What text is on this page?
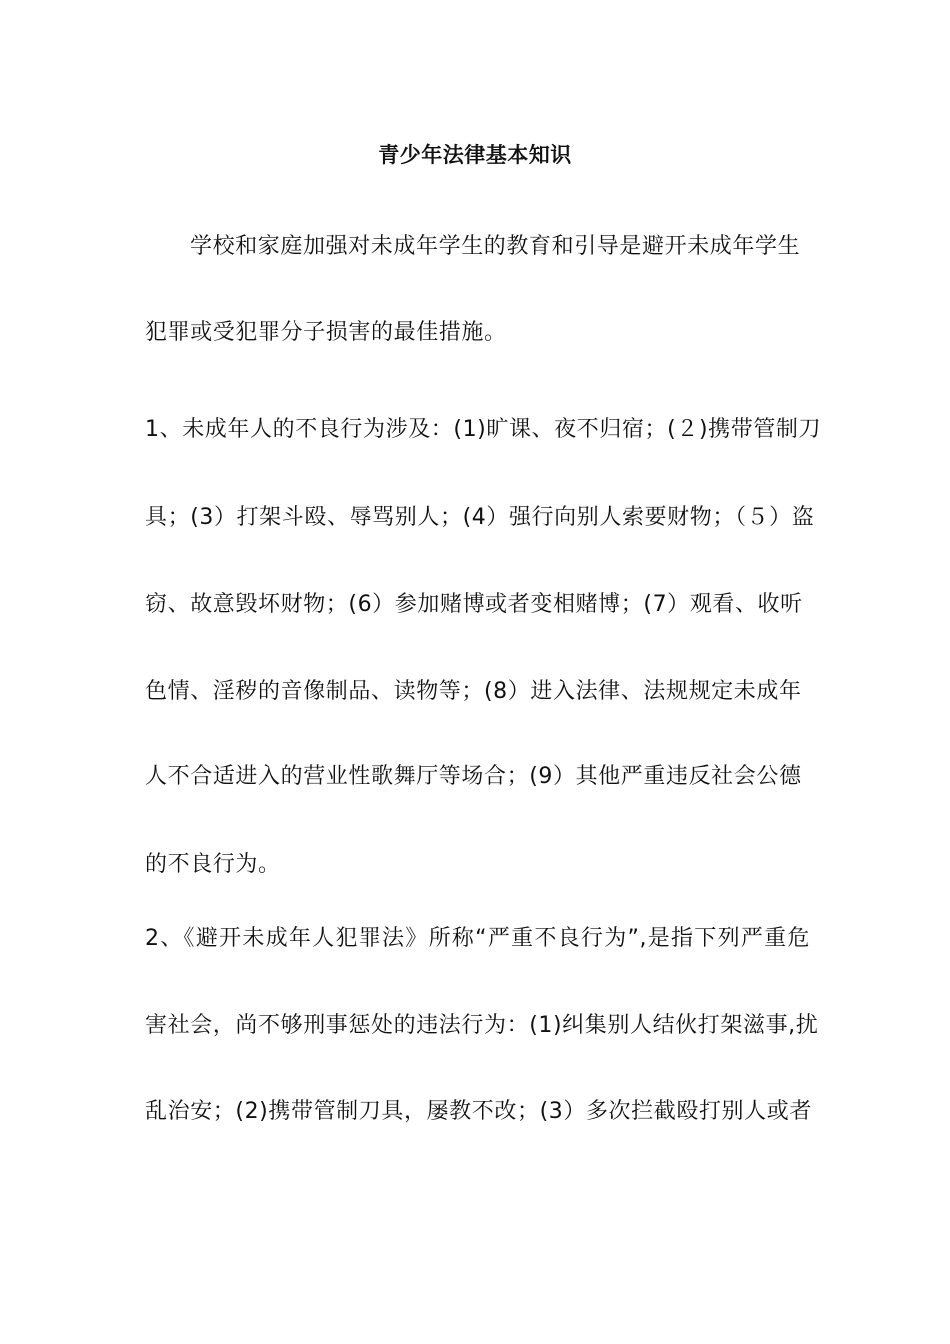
青少年法律基本知识
学校和家庭加强对未成年学生的教育和引导是避开未成年学生
犯罪或受犯罪分子损害的最佳措施。
1、未成年人的不良行为涉及：(1)旷课、夜不归宿；(２)携带管制刀
具；(3）打架斗殴、辱骂别人；(4）强行向别人索要财物；（５）盗
窃、故意毁坏财物；(6）参加赌博或者变相赌博；(7）观看、收听
色情、淫秽的音像制品、读物等；(8）进入法律、法规规定未成年
人不合适进入的营业性歌舞厅等场合；(9）其他严重违反社会公德
的不良行为。
2、《避开未成年人犯罪法》所称“严重不良行为”,是指下列严重危
害社会，尚不够刑事惩处的违法行为：(1)纠集别人结伙打架滋事,扰
乱治安；(2)携带管制刀具，屡教不改；(3）多次拦截殴打别人或者
